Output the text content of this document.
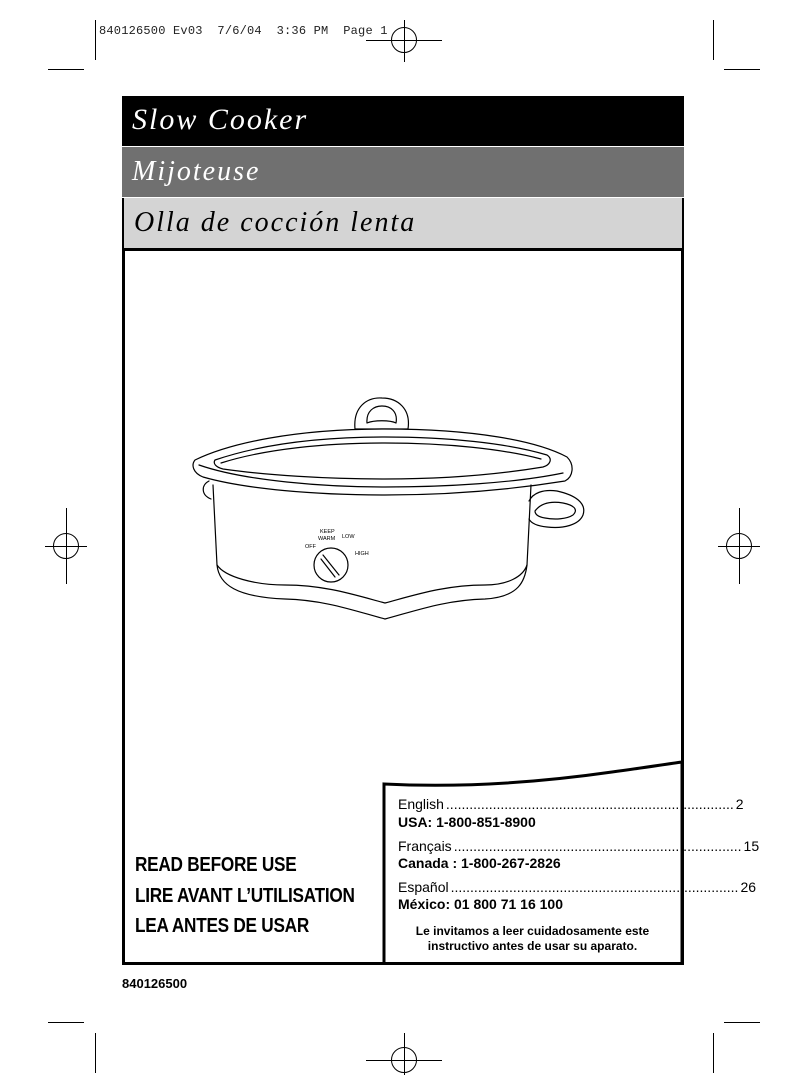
840126500 Ev03  7/6/04  3:36 PM  Page 1
Slow Cooker
Mijoteuse
Olla de cocción lenta
KEEP
WARM LOW
OFF
HIGH
English .......................................................................... 2
USA: 1-800-851-8900
Français .......................................................................... 15
Canada : 1-800-267-2826
Español .......................................................................... 26
México: 01 800 71 16 100
Le invitamos a leer cuidadosamente este
instructivo antes de usar su aparato.
READ BEFORE USE
LIRE AVANT L’UTILISATION
LEA ANTES DE USAR
840126500
